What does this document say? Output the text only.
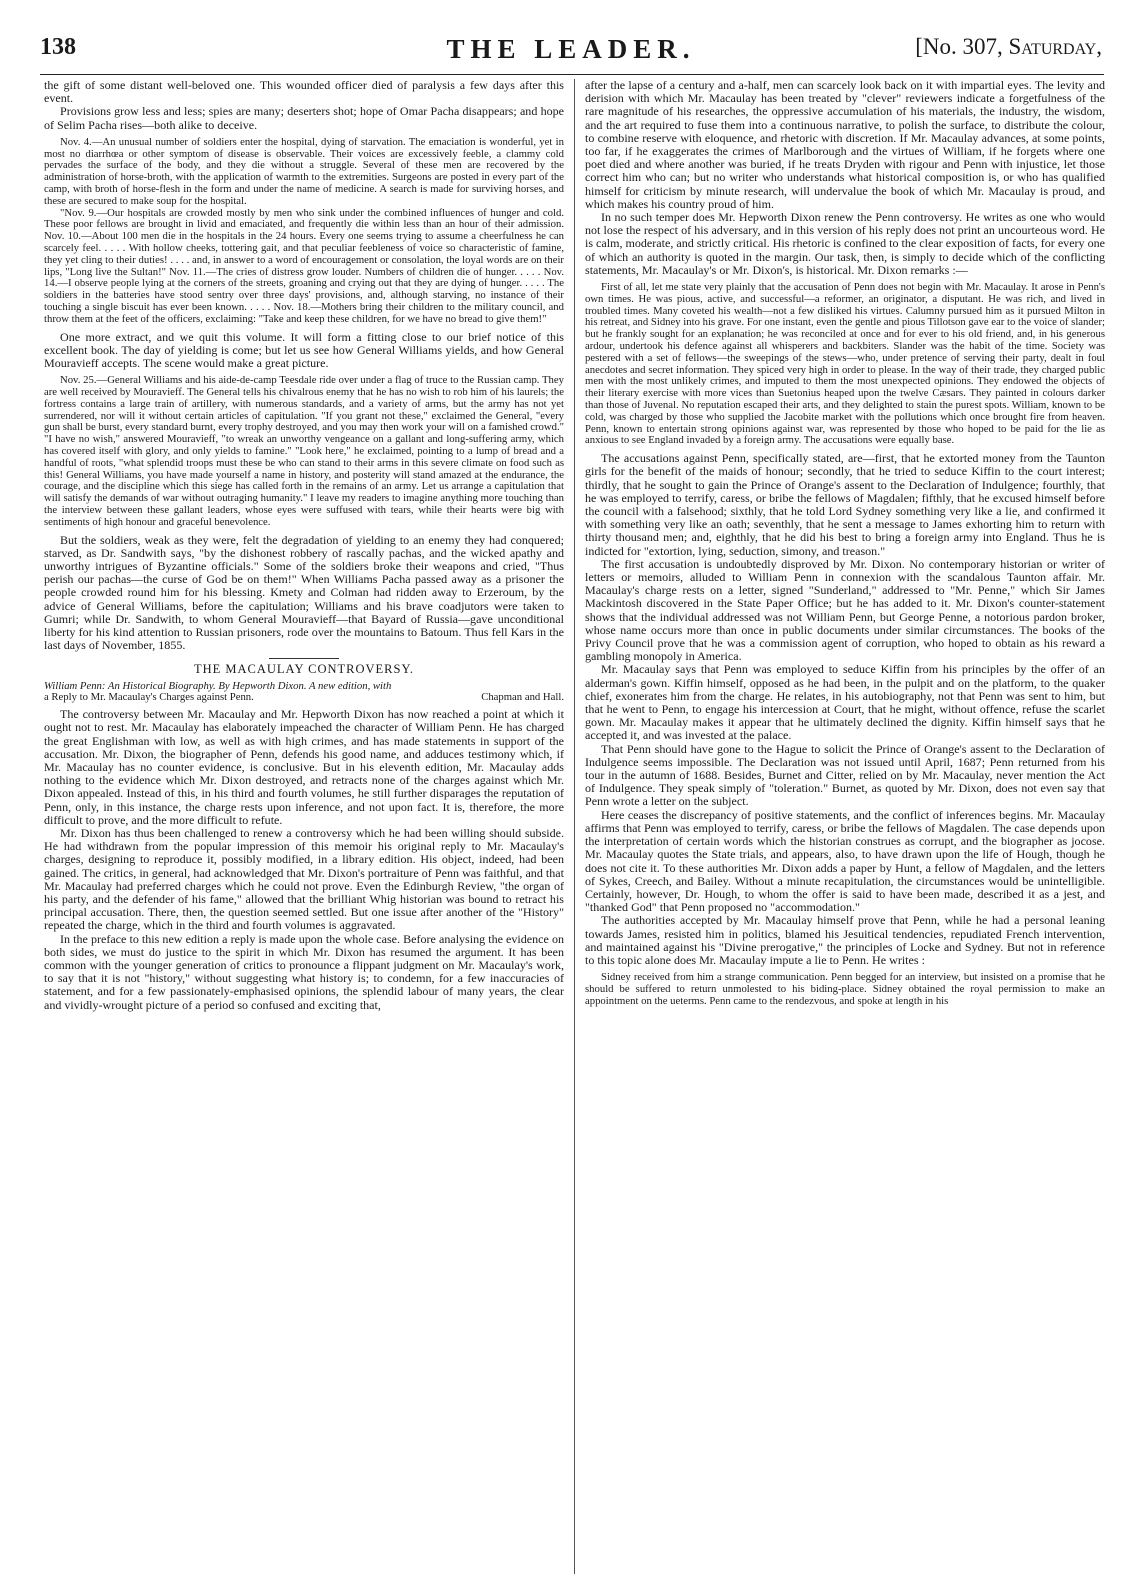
138	THE LEADER.	[No. 307, Saturday,

the gift of some distant well-beloved one. This wounded officer died of paralysis a few days after this event.

Provisions grow less and less; spies are many; deserters shot; hope of Omar Pacha disappears; and hope of Selim Pacha rises—both alike to deceive.

Nov. 4.—An unusual number of soldiers enter the hospital, dying of starvation. The emaciation is wonderful, yet in most no diarrhœa or other symptom of disease is observable. Their voices are excessively feeble, a clammy cold pervades the surface of the body, and they die without a struggle. Several of these men are recovered by the administration of horse-broth, with the application of warmth to the extremities. Surgeons are posted in every part of the camp, with broth of horse-flesh in the form and under the name of medicine. A search is made for surviving horses, and these are secured to make soup for the hospital.

"Nov. 9.—Our hospitals are crowded mostly by men who sink under the combined influences of hunger and cold. These poor fellows are brought in livid and emaciated, and frequently die within less than an hour of their admission. Nov. 10.—About 100 men die in the hospitals in the 24 hours. Every one seems trying to assume a cheerfulness he can scarcely feel. . . . . With hollow cheeks, tottering gait, and that peculiar feebleness of voice so characteristic of famine, they yet cling to their duties! . . . . and, in answer to a word of encouragement or consolation, the loyal words are on their lips, "Long live the Sultan!" Nov. 11.—The cries of distress grow louder. Numbers of children die of hunger. . . . . Nov. 14.—I observe people lying at the corners of the streets, groaning and crying out that they are dying of hunger. . . . . The soldiers in the batteries have stood sentry over three days' provisions, and, although starving, no instance of their touching a single biscuit has ever been known. . . . . Nov. 18.—Mothers bring their children to the military council, and throw them at the feet of the officers, exclaiming: "Take and keep these children, for we have no bread to give them!"

One more extract, and we quit this volume. It will form a fitting close to our brief notice of this excellent book. The day of yielding is come; but let us see how General Williams yields, and how General Mouravieff accepts. The scene would make a great picture.

Nov. 25.—General Williams and his aide-de-camp Teesdale ride over under a flag of truce to the Russian camp. They are well received by Mouravieff. The General tells his chivalrous enemy that he has no wish to rob him of his laurels; the fortress contains a large train of artillery, with numerous standards, and a variety of arms, but the army has not yet surrendered, nor will it without certain articles of capitulation. "If you grant not these," exclaimed the General, "every gun shall be burst, every standard burnt, every trophy destroyed, and you may then work your will on a famished crowd." "I have no wish," answered Mouravieff, "to wreak an unworthy vengeance on a gallant and long-suffering army, which has covered itself with glory, and only yields to famine." "Look here," he exclaimed, pointing to a lump of bread and a handful of roots, "what splendid troops must these be who can stand to their arms in this severe climate on food such as this! General Williams, you have made yourself a name in history, and posterity will stand amazed at the endurance, the courage, and the discipline which this siege has called forth in the remains of an army. Let us arrange a capitulation that will satisfy the demands of war without outraging humanity." I leave my readers to imagine anything more touching than the interview between these gallant leaders, whose eyes were suffused with tears, while their hearts were big with sentiments of high honour and graceful benevolence.

But the soldiers, weak as they were, felt the degradation of yielding to an enemy they had conquered; starved, as Dr. Sandwith says, "by the dishonest robbery of rascally pachas, and the wicked apathy and unworthy intrigues of Byzantine officials." Some of the soldiers broke their weapons and cried, "Thus perish our pachas—the curse of God be on them!" When Williams Pacha passed away as a prisoner the people crowded round him for his blessing. Kmety and Colman had ridden away to Erzeroum, by the advice of General Williams, before the capitulation; Williams and his brave coadjutors were taken to Gumri; while Dr. Sandwith, to whom General Mouravieff—that Bayard of Russia—gave unconditional liberty for his kind attention to Russian prisoners, rode over the mountains to Batoum. Thus fell Kars in the last days of November, 1855.

THE MACAULAY CONTROVERSY.

William Penn: An Historical Biography. By Hepworth Dixon. A new edition, with
a Reply to Mr. Macaulay's Charges against Penn.	Chapman and Hall.

The controversy between Mr. Macaulay and Mr. Hepworth Dixon has now reached a point at which it ought not to rest. Mr. Macaulay has elaborately impeached the character of William Penn. He has charged the great Englishman with low, as well as with high crimes, and has made statements in support of the accusation. Mr. Dixon, the biographer of Penn, defends his good name, and adduces testimony which, if Mr. Macaulay has no counter evidence, is conclusive. But in his eleventh edition, Mr. Macaulay adds nothing to the evidence which Mr. Dixon destroyed, and retracts none of the charges against which Mr. Dixon appealed. Instead of this, in his third and fourth volumes, he still further disparages the reputation of Penn, only, in this instance, the charge rests upon inference, and not upon fact. It is, therefore, the more difficult to prove, and the more difficult to refute.

Mr. Dixon has thus been challenged to renew a controversy which he had been willing should subside. He had withdrawn from the popular impression of this memoir his original reply to Mr. Macaulay's charges, designing to reproduce it, possibly modified, in a library edition. His object, indeed, had been gained. The critics, in general, had acknowledged that Mr. Dixon's portraiture of Penn was faithful, and that Mr. Macaulay had preferred charges which he could not prove. Even the Edinburgh Review, "the organ of his party, and the defender of his fame," allowed that the brilliant Whig historian was bound to retract his principal accusation. There, then, the question seemed settled. But one issue after another of the "History" repeated the charge, which in the third and fourth volumes is aggravated.

In the preface to this new edition a reply is made upon the whole case. Before analysing the evidence on both sides, we must do justice to the spirit in which Mr. Dixon has resumed the argument. It has been common with the younger generation of critics to pronounce a flippant judgment on Mr. Macaulay's work, to say that it is not "history," without suggesting what history is; to condemn, for a few inaccuracies of statement, and for a few passionately-emphasised opinions, the splendid labour of many years, the clear and vividly-wrought picture of a period so confused and exciting that,

after the lapse of a century and a-half, men can scarcely look back on it with impartial eyes. The levity and derision with which Mr. Macaulay has been treated by "clever" reviewers indicate a forgetfulness of the rare magnitude of his researches, the oppressive accumulation of his materials, the industry, the wisdom, and the art required to fuse them into a continuous narrative, to polish the surface, to distribute the colour, to combine reserve with eloquence, and rhetoric with discretion. If Mr. Macaulay advances, at some points, too far, if he exaggerates the crimes of Marlborough and the virtues of William, if he forgets where one poet died and where another was buried, if he treats Dryden with rigour and Penn with injustice, let those correct him who can; but no writer who understands what historical composition is, or who has qualified himself for criticism by minute research, will undervalue the book of which Mr. Macaulay is proud, and which makes his country proud of him.

In no such temper does Mr. Hepworth Dixon renew the Penn controversy. He writes as one who would not lose the respect of his adversary, and in this version of his reply does not print an uncourteous word. He is calm, moderate, and strictly critical. His rhetoric is confined to the clear exposition of facts, for every one of which an authority is quoted in the margin. Our task, then, is simply to decide which of the conflicting statements, Mr. Macaulay's or Mr. Dixon's, is historical. Mr. Dixon remarks :—

First of all, let me state very plainly that the accusation of Penn does not begin with Mr. Macaulay. It arose in Penn's own times. He was pious, active, and successful—a reformer, an originator, a disputant. He was rich, and lived in troubled times. Many coveted his wealth—not a few disliked his virtues. Calumny pursued him as it pursued Milton in his retreat, and Sidney into his grave. For one instant, even the gentle and pious Tillotson gave ear to the voice of slander; but he frankly sought for an explanation; he was reconciled at once and for ever to his old friend, and, in his generous ardour, undertook his defence against all whisperers and backbiters. Slander was the habit of the time. Society was pestered with a set of fellows—the sweepings of the stews—who, under pretence of serving their party, dealt in foul anecdotes and secret information. They spiced very high in order to please. In the way of their trade, they charged public men with the most unlikely crimes, and imputed to them the most unexpected opinions. They endowed the objects of their literary exercise with more vices than Suetonius heaped upon the twelve Cæsars. They painted in colours darker than those of Juvenal. No reputation escaped their arts, and they delighted to stain the purest spots. William, known to be cold, was charged by those who supplied the Jacobite market with the pollutions which once brought fire from heaven. Penn, known to entertain strong opinions against war, was represented by those who hoped to be paid for the lie as anxious to see England invaded by a foreign army. The accusations were equally base.

The accusations against Penn, specifically stated, are—first, that he extorted money from the Taunton girls for the benefit of the maids of honour; secondly, that he tried to seduce Kiffin to the court interest; thirdly, that he sought to gain the Prince of Orange's assent to the Declaration of Indulgence; fourthly, that he was employed to terrify, caress, or bribe the fellows of Magdalen; fifthly, that he excused himself before the council with a falsehood; sixthly, that he told Lord Sydney something very like a lie, and confirmed it with something very like an oath; seventhly, that he sent a message to James exhorting him to return with thirty thousand men; and, eighthly, that he did his best to bring a foreign army into England. Thus he is indicted for "extortion, lying, seduction, simony, and treason."

The first accusation is undoubtedly disproved by Mr. Dixon. No contemporary historian or writer of letters or memoirs, alluded to William Penn in connexion with the scandalous Taunton affair. Mr. Macaulay's charge rests on a letter, signed "Sunderland," addressed to "Mr. Penne," which Sir James Mackintosh discovered in the State Paper Office; but he has added to it. Mr. Dixon's counter-statement shows that the individual addressed was not William Penn, but George Penne, a notorious pardon broker, whose name occurs more than once in public documents under similar circumstances. The books of the Privy Council prove that he was a commission agent of corruption, who hoped to obtain as his reward a gambling monopoly in America.

Mr. Macaulay says that Penn was employed to seduce Kiffin from his principles by the offer of an alderman's gown. Kiffin himself, opposed as he had been, in the pulpit and on the platform, to the quaker chief, exonerates him from the charge. He relates, in his autobiography, not that Penn was sent to him, but that he went to Penn, to engage his intercession at Court, that he might, without offence, refuse the scarlet gown. Mr. Macaulay makes it appear that he ultimately declined the dignity. Kiffin himself says that he accepted it, and was invested at the palace.

That Penn should have gone to the Hague to solicit the Prince of Orange's assent to the Declaration of Indulgence seems impossible. The Declaration was not issued until April, 1687; Penn returned from his tour in the autumn of 1688. Besides, Burnet and Citter, relied on by Mr. Macaulay, never mention the Act of Indulgence. They speak simply of "toleration." Burnet, as quoted by Mr. Dixon, does not even say that Penn wrote a letter on the subject.

Here ceases the discrepancy of positive statements, and the conflict of inferences begins. Mr. Macaulay affirms that Penn was employed to terrify, caress, or bribe the fellows of Magdalen. The case depends upon the interpretation of certain words which the historian construes as corrupt, and the biographer as jocose. Mr. Macaulay quotes the State trials, and appears, also, to have drawn upon the life of Hough, though he does not cite it. To these authorities Mr. Dixon adds a paper by Hunt, a fellow of Magdalen, and the letters of Sykes, Creech, and Bailey. Without a minute recapitulation, the circumstances would be unintelligible. Certainly, however, Dr. Hough, to whom the offer is said to have been made, described it as a jest, and "thanked God" that Penn proposed no "accommodation."

The authorities accepted by Mr. Macaulay himself prove that Penn, while he had a personal leaning towards James, resisted him in politics, blamed his Jesuitical tendencies, repudiated French intervention, and maintained against his "Divine prerogative," the principles of Locke and Sydney. But not in reference to this topic alone does Mr. Macaulay impute a lie to Penn. He writes :

Sidney received from him a strange communication. Penn begged for an interview, but insisted on a promise that he should be suffered to return unmolested to his biding-place. Sidney obtained the royal permission to make an appointment on the ueterms. Penn came to the rendezvous, and spoke at length in his
